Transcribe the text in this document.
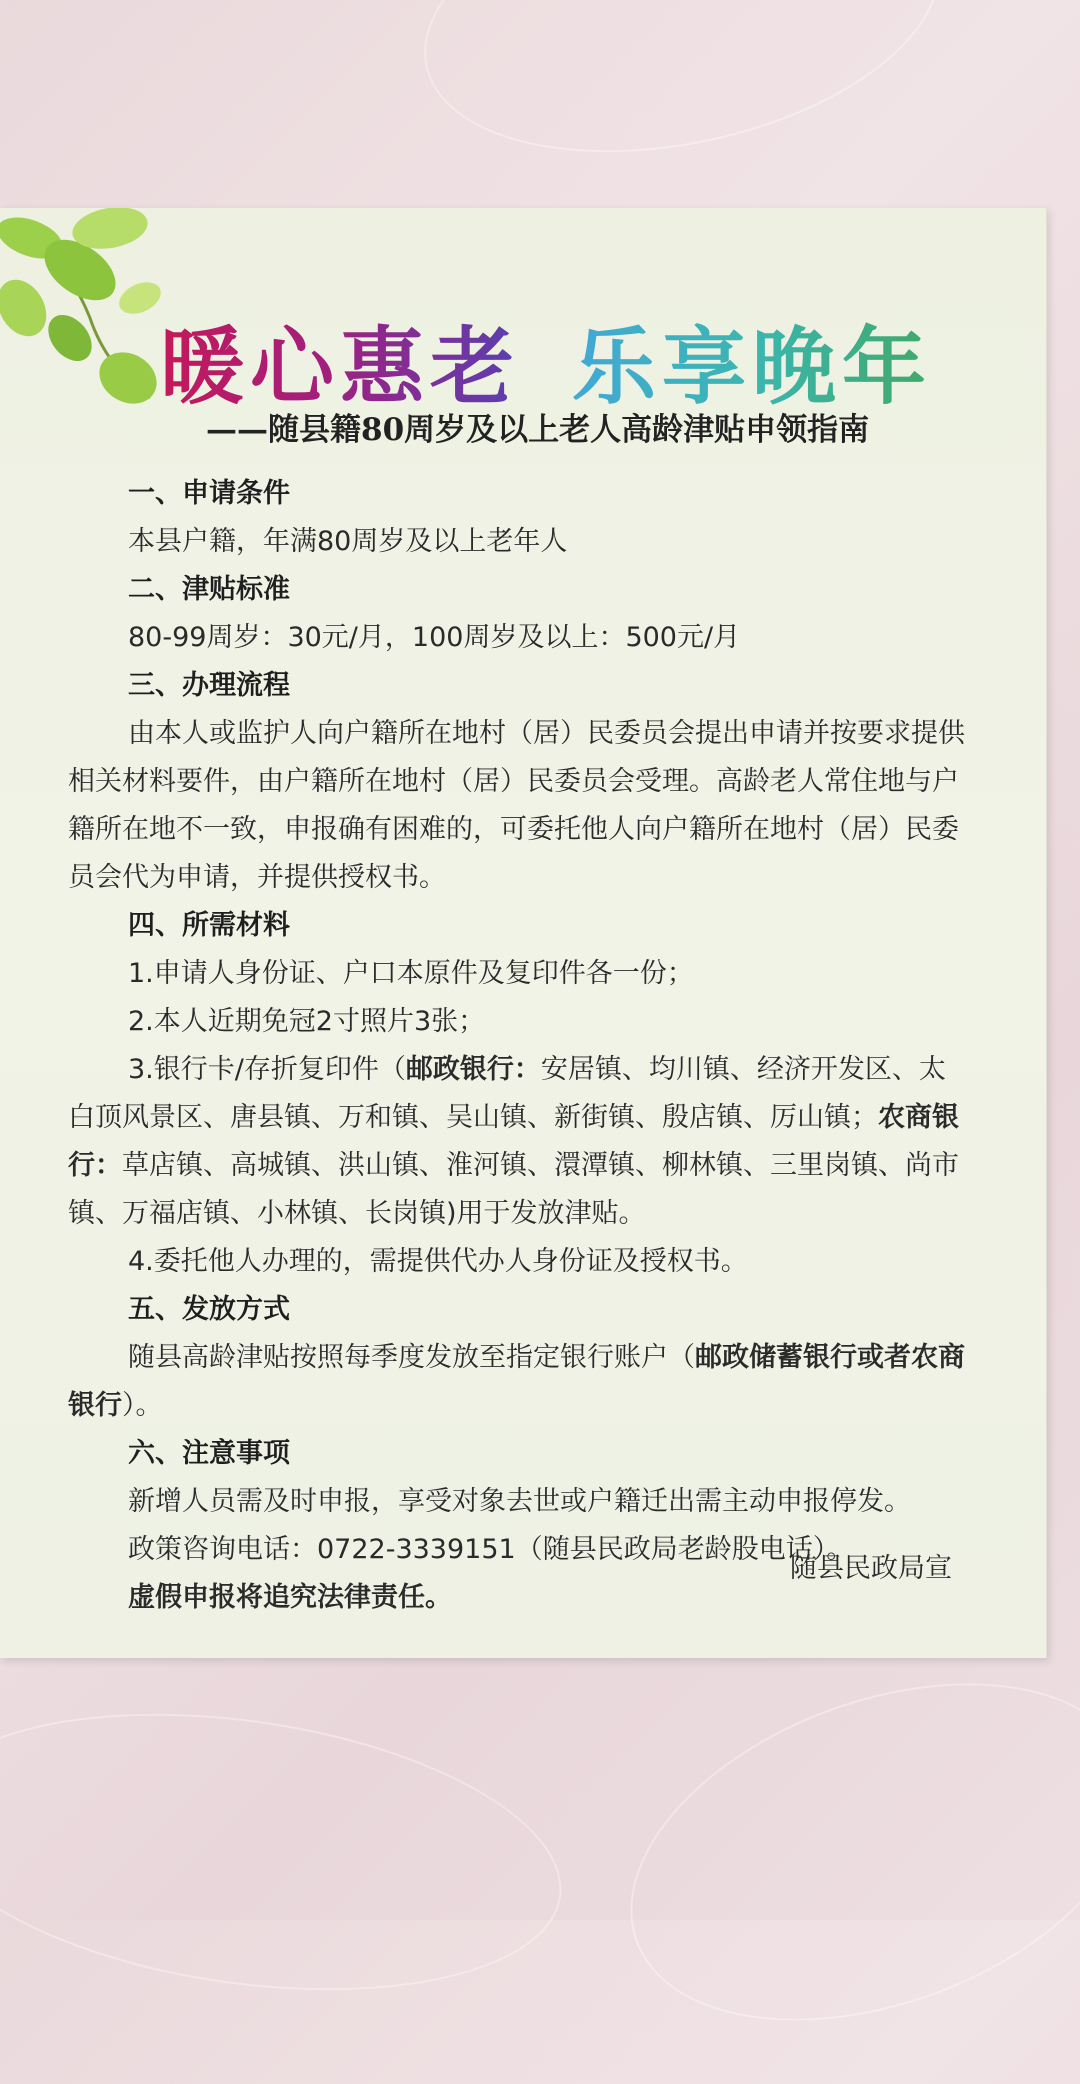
暖心惠老 乐享晚年
——随县籍80周岁及以上老人高龄津贴申领指南
一、申请条件
本县户籍，年满80周岁及以上老年人
二、津贴标准
80-99周岁：30元/月，100周岁及以上：500元/月
三、办理流程
由本人或监护人向户籍所在地村（居）民委员会提出申请并按要求提供相关材料要件，由户籍所在地村（居）民委员会受理。高龄老人常住地与户籍所在地不一致，申报确有困难的，可委托他人向户籍所在地村（居）民委员会代为申请，并提供授权书。
四、所需材料
1.申请人身份证、户口本原件及复印件各一份；
2.本人近期免冠2寸照片3张；
3.银行卡/存折复印件（邮政银行：安居镇、均川镇、经济开发区、太白顶风景区、唐县镇、万和镇、吴山镇、新街镇、殷店镇、厉山镇；农商银行：草店镇、高城镇、洪山镇、淮河镇、澴潭镇、柳林镇、三里岗镇、尚市镇、万福店镇、小林镇、长岗镇)用于发放津贴。
4.委托他人办理的，需提供代办人身份证及授权书。
五、发放方式
随县高龄津贴按照每季度发放至指定银行账户（邮政储蓄银行或者农商银行）。
六、注意事项
新增人员需及时申报，享受对象去世或户籍迁出需主动申报停发。
政策咨询电话：0722-3339151（随县民政局老龄股电话）。
虚假申报将追究法律责任。
随县民政局宣
